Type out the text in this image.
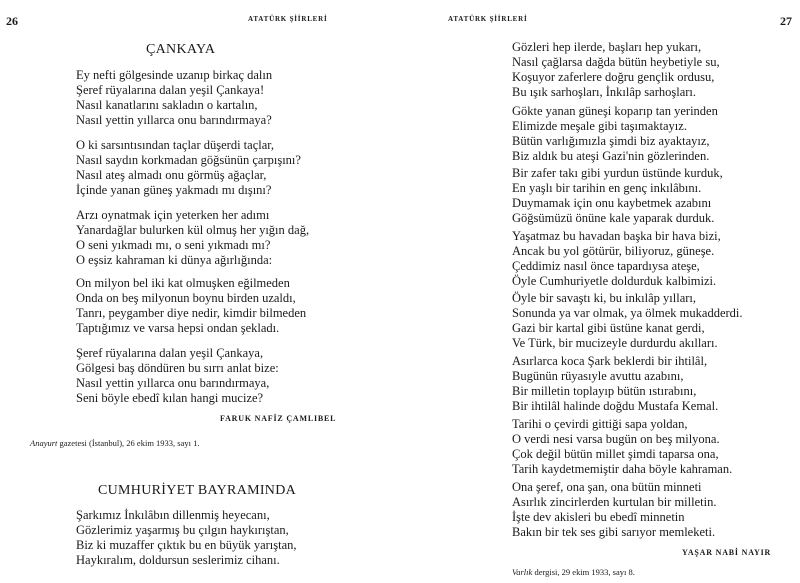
26	ATATÜRK ŞİİRLERİ
ÇANKAYA
Ey nefti gölgesinde uzanıp birkaç dalın
Şeref rüyalarına dalan yeşil Çankaya!
Nasıl kanatlarını sakladın o kartalın,
Nasıl yettin yıllarca onu barındırmaya?
O ki sarsıntısından taçlar düşerdi taçlar,
Nasıl saydın korkmadan göğsünün çarpışını?
Nasıl ateş almadı onu görmüş ağaçlar,
İçinde yanan güneş yakmadı mı dışını?
Arzı oynatmak için yeterken her adımı
Yanardağlar bulurken kül olmuş her yığın dağ,
O seni yıkmadı mı, o seni yıkmadı mı?
O eşsiz kahraman ki dünya ağırlığında:
On milyon bel iki kat olmuşken eğilmeden
Onda on beş milyonun boynu birden uzaldı,
Tanrı, peygamber diye nedir, kimdir bilmeden
Taptığımız ve varsa hepsi ondan şekladı.
Şeref rüyalarına dalan yeşil Çankaya,
Gölgesi baş döndüren bu sırrı anlat bize:
Nasıl yettin yıllarca onu barındırmaya,
Seni böyle ebedî kılan hangi mucize?
FARUK NAFİZ ÇAMLIBEL
Anayurt gazetesi (İstanbul), 26 ekim 1933, sayı 1.
CUMHURİYET BAYRAMINDA
Şarkımız İnkılâbın dillenmiş heyecanı,
Gözlerimiz yaşarmış bu çılgın haykırıştan,
Biz ki muzaffer çıktık bu en büyük yarıştan,
Haykıralım, doldursun seslerimiz cihanı.
ATATÜRK ŞİİRLERİ	27
Gözleri hep ilerde, başları hep yukarı,
Nasıl çağlarsa dağda bütün heybetiyle su,
Koşuyor zaferlere doğru gençlik ordusu,
Bu ışık sarhoşları, İnkılâp sarhoşları.
Gökte yanan güneşi koparıp tan yerinden
Elimizde meşale gibi taşımaktayız.
Bütün varlığımızla şimdi biz ayaktayız,
Biz aldık bu ateşi Gazi'nin gözlerinden.
Bir zafer takı gibi yurdun üstünde kurduk,
En yaşlı bir tarihin en genç inkılâbını.
Duymamak için onu kaybetmek azabını
Göğsümüzü önüne kale yaparak durduk.
Yaşatmaz bu havadan başka bir hava bizi,
Ancak bu yol götürür, biliyoruz, güneşe.
Çeddimiz nasıl önce tapardıysa ateşe,
Öyle Cumhuriyetle doldurduk kalbimizi.
Öyle bir savaştı ki, bu inkılâp yılları,
Sonunda ya var olmak, ya ölmek mukadderdi.
Gazi bir kartal gibi üstüne kanat gerdi,
Ve Türk, bir mucizeyle durdurdu akılları.
Asırlarca koca Şark beklerdi bir ihtilâl,
Bugünün rüyasıyle avuttu azabını,
Bir milletin toplayıp bütün ıstırabını,
Bir ihtilâl halinde doğdu Mustafa Kemal.
Tarihi o çevirdi gittiği sapa yoldan,
O verdi nesi varsa bugün on beş milyona.
Çok değil bütün millet şimdi taparsa ona,
Tarih kaydetmemiştir daha böyle kahraman.
Ona şeref, ona şan, ona bütün minneti
Asırlık zincirlerden kurtulan bir milletin.
İşte dev akisleri bu ebedî minnetin
Bakın bir tek ses gibi sarıyor memleketi.
YAŞAR NABİ NAYIR
Varlık dergisi, 29 ekim 1933, sayı 8.
